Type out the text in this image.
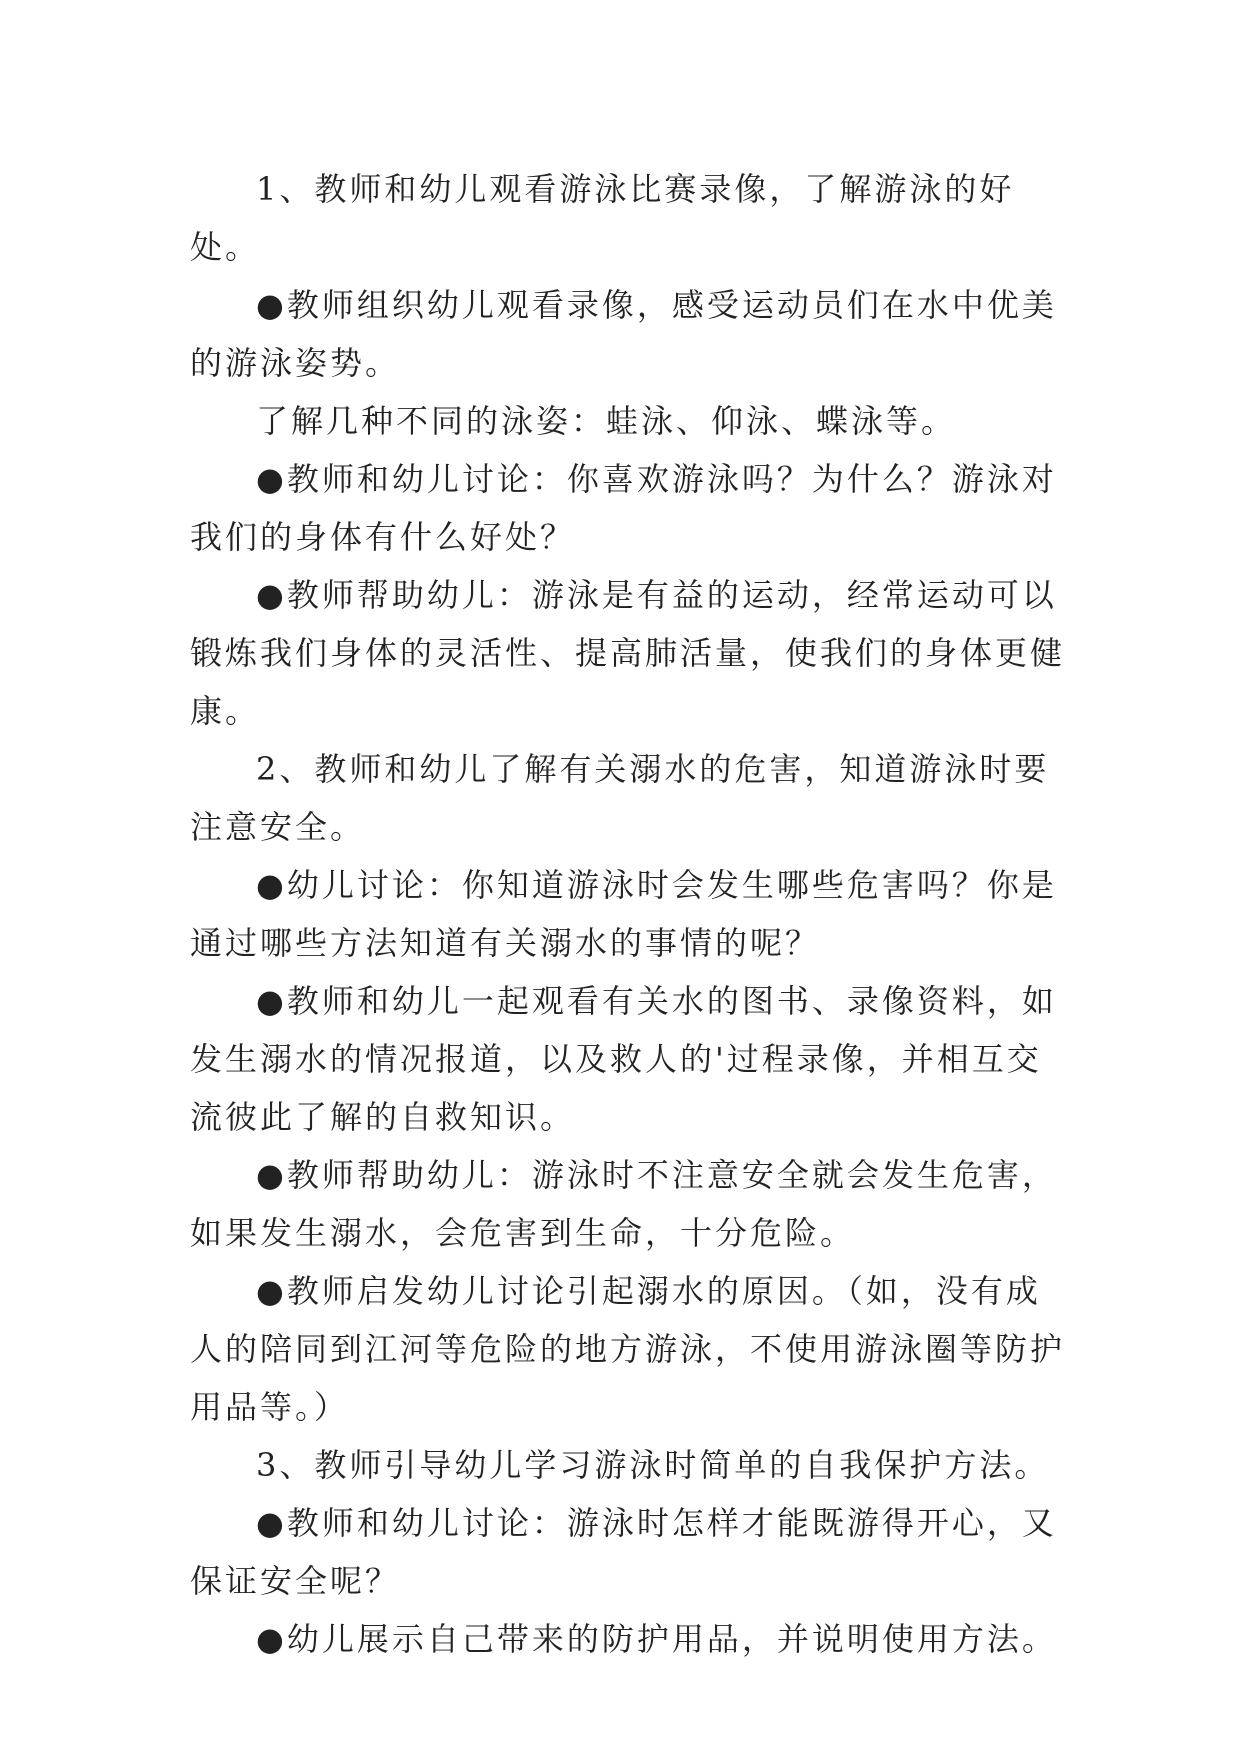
1、教师和幼儿观看游泳比赛录像，了解游泳的好处。

●教师组织幼儿观看录像，感受运动员们在水中优美的游泳姿势。

了解几种不同的泳姿：蛙泳、仰泳、蝶泳等。

●教师和幼儿讨论：你喜欢游泳吗？为什么？游泳对我们的身体有什么好处？

●教师帮助幼儿：游泳是有益的运动，经常运动可以锻炼我们身体的灵活性、提高肺活量，使我们的身体更健康。

2、教师和幼儿了解有关溺水的危害，知道游泳时要注意安全。

●幼儿讨论：你知道游泳时会发生哪些危害吗？你是通过哪些方法知道有关溺水的事情的呢？

●教师和幼儿一起观看有关水的图书、录像资料，如发生溺水的情况报道，以及救人的'过程录像，并相互交流彼此了解的自救知识。

●教师帮助幼儿：游泳时不注意安全就会发生危害，如果发生溺水，会危害到生命，十分危险。

●教师启发幼儿讨论引起溺水的原因。（如，没有成人的陪同到江河等危险的地方游泳，不使用游泳圈等防护用品等。）

3、教师引导幼儿学习游泳时简单的自我保护方法。

●教师和幼儿讨论：游泳时怎样才能既游得开心，又保证安全呢？

●幼儿展示自己带来的防护用品，并说明使用方法。
